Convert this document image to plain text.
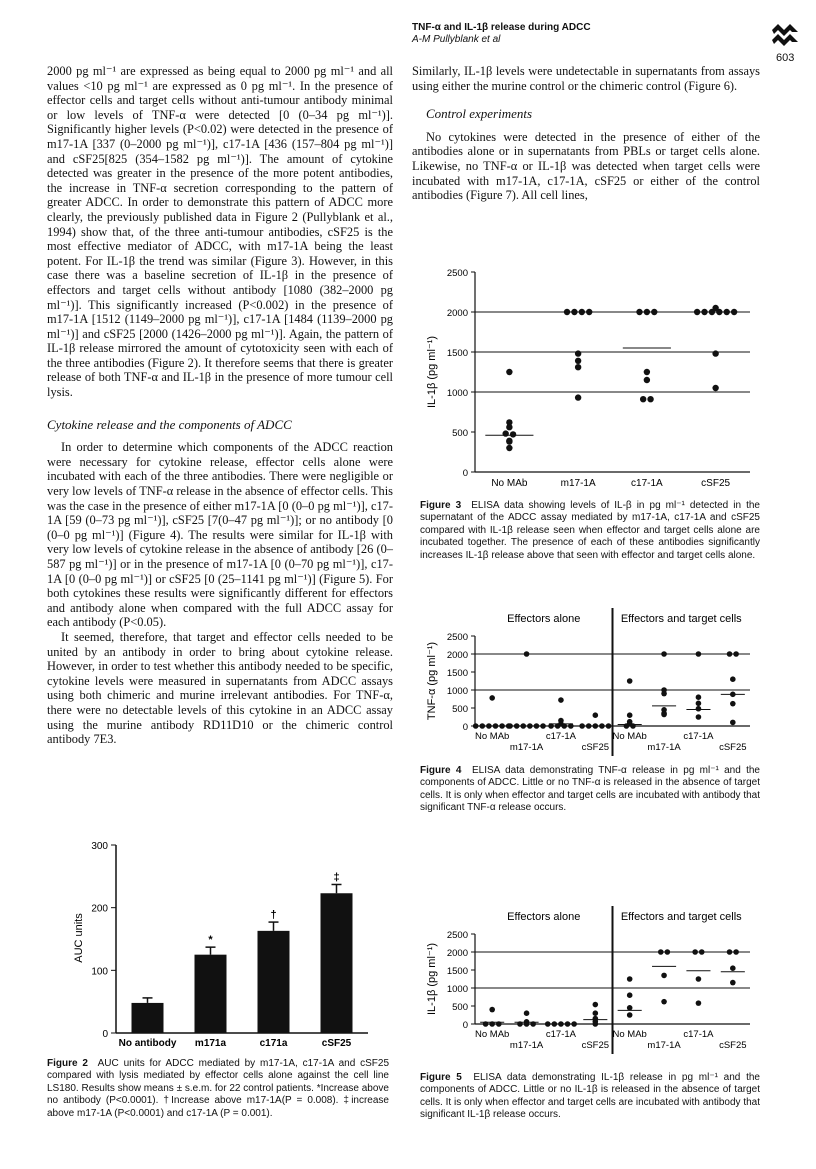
TNF-α and IL-1β release during ADCC
A-M Pullyblank et al
603

2000 pg ml⁻¹ are expressed as being equal to 2000 pg ml⁻¹ and all values <10 pg ml⁻¹ are expressed as 0 pg ml⁻¹. In the presence of effector cells and target cells without anti-tumour antibody minimal or low levels of TNF-α were detected [0 (0–34 pg ml⁻¹)]. Significantly higher levels (P<0.02) were detected in the presence of m17-1A [337 (0–2000 pg ml⁻¹)], c17-1A [436 (157–804 pg ml⁻¹)] and cSF25[825 (354–1582 pg ml⁻¹)]. The amount of cytokine detected was greater in the presence of the more potent antibodies, the increase in TNF-α secretion corresponding to the pattern of greater ADCC. In order to demonstrate this pattern of ADCC more clearly, the previously published data in Figure 2 (Pullyblank et al., 1994) show that, of the three anti-tumour antibodies, cSF25 is the most effective mediator of ADCC, with m17-1A being the least potent. For IL-1β the trend was similar (Figure 3). However, in this case there was a baseline secretion of IL-1β in the presence of effectors and target cells without antibody [1080 (382–2000 pg ml⁻¹)]. This significantly increased (P<0.002) in the presence of m17-1A [1512 (1149–2000 pg ml⁻¹)], c17-1A [1484 (1139–2000 pg ml⁻¹)] and cSF25 [2000 (1426–2000 pg ml⁻¹)]. Again, the pattern of IL-1β release mirrored the amount of cytotoxicity seen with each of the three antibodies (Figure 2). It therefore seems that there is greater release of both TNF-α and IL-1β in the presence of more tumour cell lysis.

Cytokine release and the components of ADCC

In order to determine which components of the ADCC reaction were necessary for cytokine release, effector cells alone were incubated with each of the three antibodies. There were negligible or very low levels of TNF-α release in the absence of effector cells. This was the case in the presence of either m17-1A [0 (0–0 pg ml⁻¹)], c17-1A [59 (0–73 pg ml⁻¹)], cSF25 [7(0–47 pg ml⁻¹)]; or no antibody [0 (0–0 pg ml⁻¹)] (Figure 4). The results were similar for IL-1β with very low levels of cytokine release in the absence of antibody [26 (0–587 pg ml⁻¹)] or in the presence of m17-1A [0 (0–70 pg ml⁻¹)], c17-1A [0 (0–0 pg ml⁻¹)] or cSF25 [0 (25–1141 pg ml⁻¹)] (Figure 5). For both cytokines these results were significantly different for effectors and antibody alone when compared with the full ADCC assay for each antibody (P<0.05).

It seemed, therefore, that target and effector cells needed to be united by an antibody in order to bring about cytokine release. However, in order to test whether this antibody needed to be specific, cytokine levels were measured in supernatants from ADCC assays using both chimeric and murine irrelevant antibodies. For TNF-α, there were no detectable levels of this cytokine in an ADCC assay using the murine antibody RD11D10 or the chimeric control antibody 7E3.

Similarly, IL-1β levels were undetectable in supernatants from assays using either the murine control or the chimeric control (Figure 6).

Control experiments

No cytokines were detected in the presence of either of the antibodies alone or in supernatants from PBLs or target cells alone. Likewise, no TNF-α or IL-1β was detected when target cells were incubated with m17-1A, c17-1A, cSF25 or either of the control antibodies (Figure 7). All cell lines,

AUC units
0
100
200
300
No antibody
*
m171a
†
c171a
‡
cSF25
Figure 2 AUC units for ADCC mediated by m17-1A, c17-1A and cSF25 compared with lysis mediated by effector cells alone against the cell line LS180. Results show means ± s.e.m. for 22 control patients. *Increase above no antibody (P<0.0001). †Increase above m17-1A(P = 0.008). ‡increase above m17-1A (P<0.0001) and c17-1A (P = 0.001).
IL-1β (pg ml⁻¹)
0
500
1000
1500
2000
2500
No MAb	m17-1A	c17-1A	cSF25
Figure 3 ELISA data showing levels of IL-β in pg ml⁻¹ detected in the supernatant of the ADCC assay mediated by m17-1A, c17-1A and cSF25 compared with IL-1β release seen when effector and target cells alone are incubated together. The presence of each of these antibodies significantly increases IL-1β release above that seen with effector and target cells alone.
TNF-α (pg ml⁻¹)
0
500
1000
1500
2000
2500
Effectors alone	Effectors and target cells
No MAb	c17-1A	No MAb	c17-1A
m17-1A	cSF25	m17-1A	cSF25
Figure 4 ELISA data demonstrating TNF-α release in pg ml⁻¹ and the components of ADCC. Little or no TNF-α is released in the absence of target cells. It is only when effector and target cells are incubated with antibody that significant TNF-α release occurs.
IL-1β (pg ml⁻¹)
0
500
1000
1500
2000
2500
Effectors alone	Effectors and target cells
No MAb	c17-1A	No MAb	c17-1A
m17-1A	cSF25	m17-1A	cSF25
Figure 5 ELISA data demonstrating IL-1β release in pg ml⁻¹ and the components of ADCC. Little or no IL-1β is released in the absence of target cells. It is only when effector and target cells are incubated with antibody that significant IL-1β release occurs.
